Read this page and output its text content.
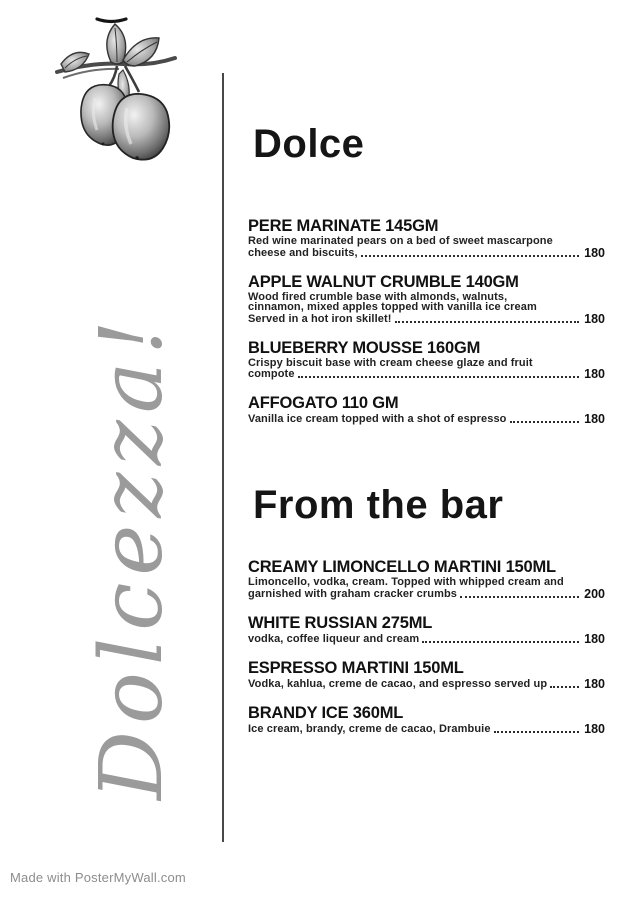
Dolcezza!
Dolce
PERE MARINATE 145GM
Red wine marinated pears on a bed of sweet mascarpone
cheese and biscuits,	180
APPLE WALNUT CRUMBLE 140GM
Wood fired crumble base with almonds, walnuts,
cinnamon, mixed apples topped with vanilla ice cream
Served in a hot iron skillet!	180
BLUEBERRY MOUSSE 160GM
Crispy biscuit base with cream cheese glaze and fruit
compote	180
AFFOGATO 110 GM
Vanilla ice cream topped with a shot of espresso	180
From the bar
CREAMY LIMONCELLO MARTINI 150ML
Limoncello, vodka, cream. Topped with whipped cream and
garnished with graham cracker crumbs	200
WHITE RUSSIAN 275ML
vodka, coffee liqueur and cream	180
ESPRESSO MARTINI 150ML
Vodka, kahlua, creme de cacao, and espresso served up	180
BRANDY ICE 360ML
Ice cream, brandy, creme de cacao, Drambuie	180
Made with PosterMyWall.com
